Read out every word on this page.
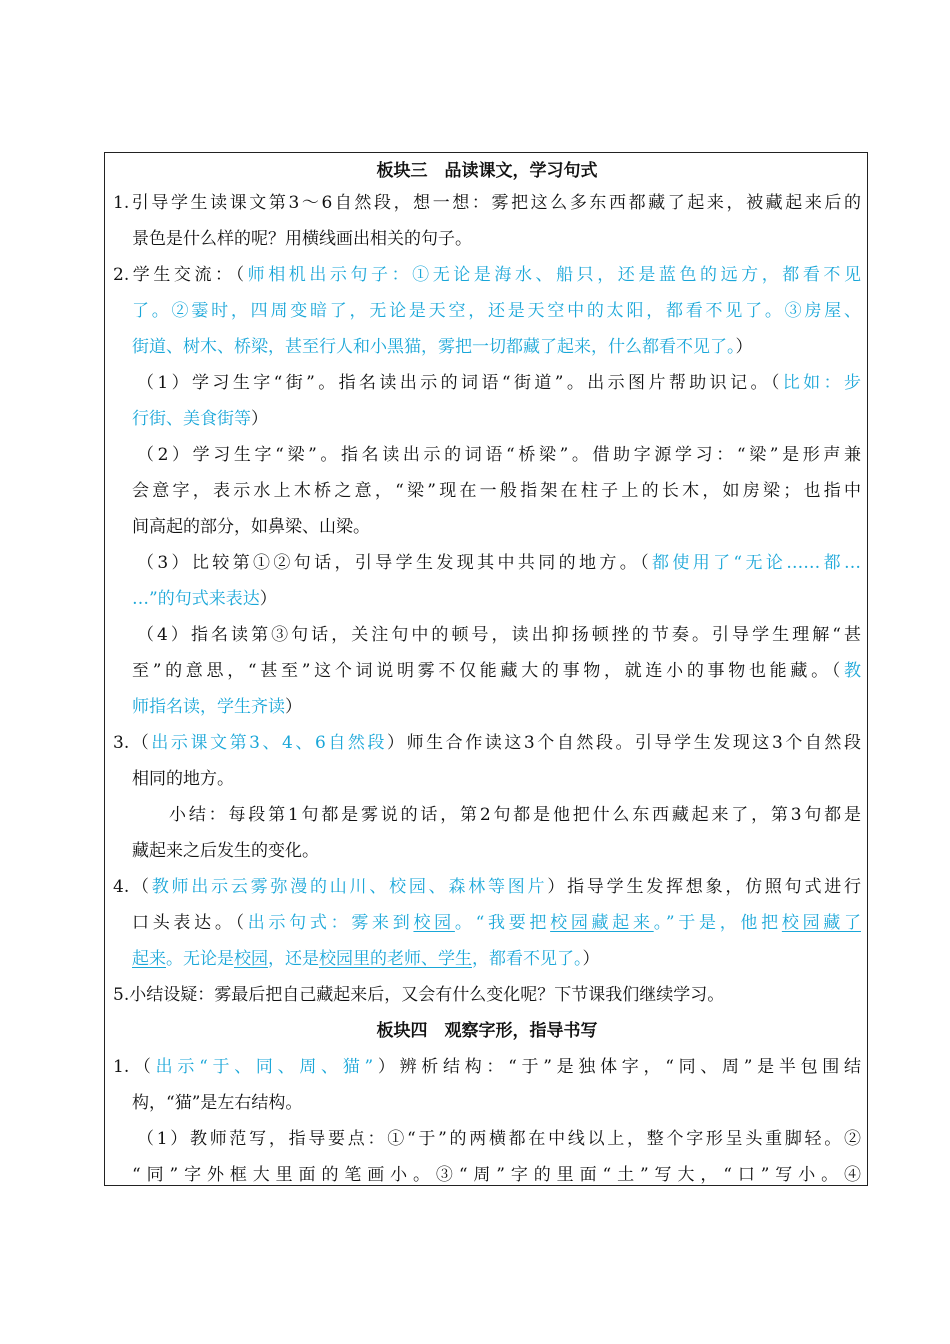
板块三　品读课文，学习句式
1.引导学生读课文第3～6自然段，想一想：雾把这么多东西都藏了起来，被藏起来后的
景色是什么样的呢？用横线画出相关的句子。
2.学生交流：（师相机出示句子：①无论是海水、船只，还是蓝色的远方，都看不见
了。②霎时，四周变暗了，无论是天空，还是天空中的太阳，都看不见了。③房屋、
街道、树木、桥梁，甚至行人和小黑猫，雾把一切都藏了起来，什么都看不见了。）
（1）学习生字“街”。指名读出示的词语“街道”。出示图片帮助识记。（比如：步
行街、美食街等）
（2）学习生字“梁”。指名读出示的词语“桥梁”。借助字源学习：“梁”是形声兼
会意字，表示水上木桥之意，“梁”现在一般指架在柱子上的长木，如房梁；也指中
间高起的部分，如鼻梁、山梁。
（3）比较第①②句话，引导学生发现其中共同的地方。（都使用了“无论……都…
…”的句式来表达）
（4）指名读第③句话，关注句中的顿号，读出抑扬顿挫的节奏。引导学生理解“甚
至”的意思，“甚至”这个词说明雾不仅能藏大的事物，就连小的事物也能藏。（教
师指名读，学生齐读）
3.（出示课文第3、4、6自然段）师生合作读这3个自然段。引导学生发现这3个自然段
相同的地方。
小结：每段第1句都是雾说的话，第2句都是他把什么东西藏起来了，第3句都是
藏起来之后发生的变化。
4.（教师出示云雾弥漫的山川、校园、森林等图片）指导学生发挥想象，仿照句式进行
口头表达。（出示句式：雾来到校园。“我要把校园藏起来。”于是，他把校园藏了
起来。无论是校园，还是校园里的老师、学生，都看不见了。）
5.小结设疑：雾最后把自己藏起来后，又会有什么变化呢？下节课我们继续学习。
板块四　观察字形，指导书写
1.（出示“于、同、周、猫”）辨析结构：“于”是独体字，“同、周”是半包围结
构，“猫”是左右结构。
（1）教师范写，指导要点：①“于”的两横都在中线以上，整个字形呈头重脚轻。②
“同”字外框大里面的笔画小。③“周”字的里面“土”写大，“口”写小。④
